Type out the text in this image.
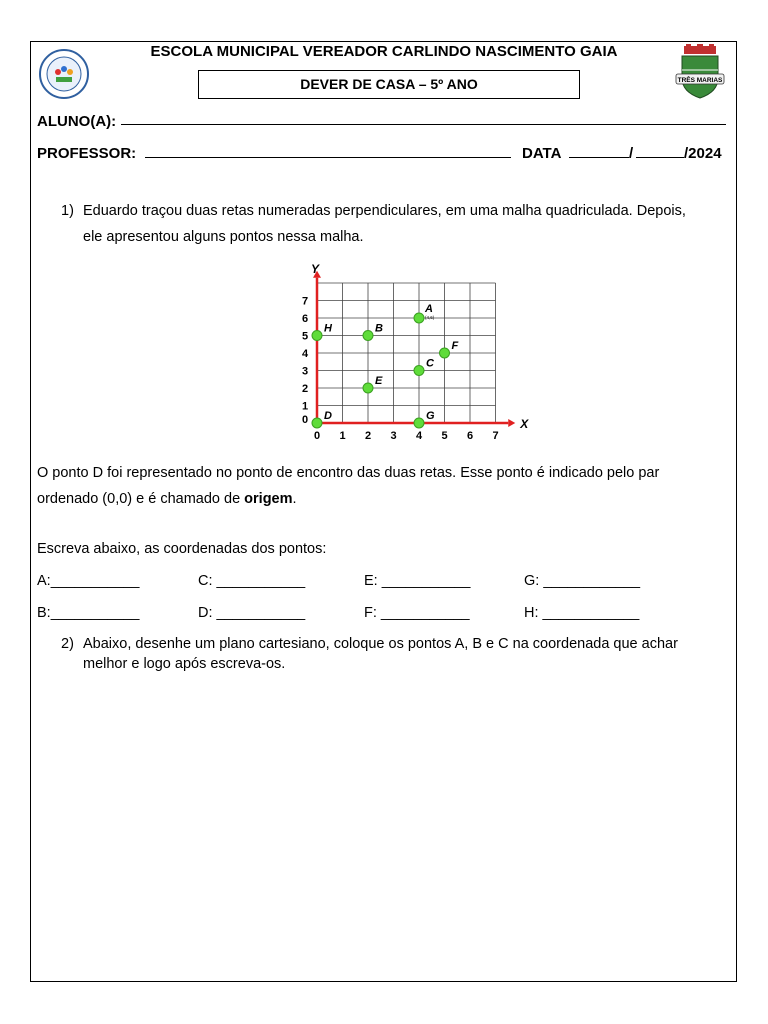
TRÊS MARIAS
ESCOLA MUNICIPAL VEREADOR CARLINDO NASCIMENTO GAIA
DEVER DE CASA – 5º ANO
ALUNO(A):
PROFESSOR:	DATA	/	/2024
1) Eduardo traçou duas retas numeradas perpendiculares, em uma malha quadriculada. Depois,
ele apresentou alguns pontos nessa malha.
X
Y
0 1 2 3 4 5 6 7
0
1
2
3
4
5
6
7
A
B
C
D
E
F
G
H
(4,6)
O ponto D foi representado no ponto de encontro das duas retas. Esse ponto é indicado pelo par
ordenado (0,0) e é chamado de origem.
Escreva abaixo, as coordenadas dos pontos:
A:___________	C: ___________	E: ___________	G: ____________
B:___________	D: ___________	F: ___________	H: ____________
2) Abaixo, desenhe um plano cartesiano, coloque os pontos A, B e C na coordenada que achar
melhor e logo após escreva-os.
